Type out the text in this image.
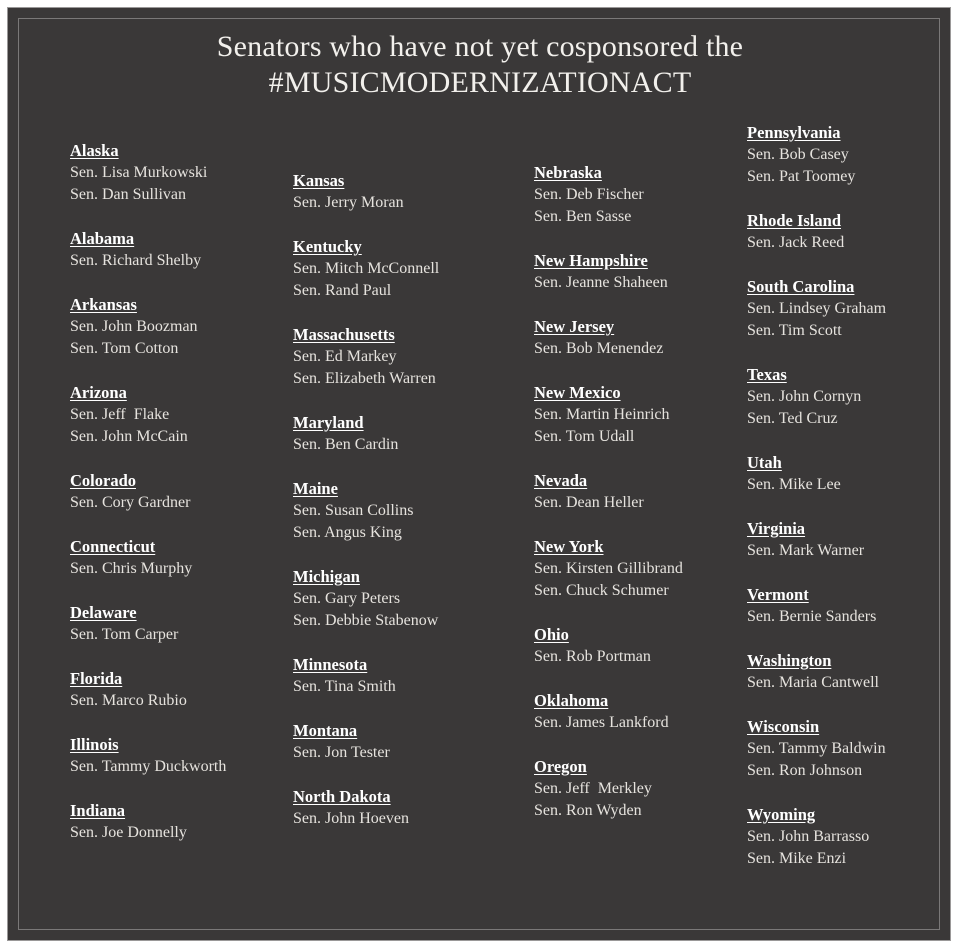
Senators who have not yet cosponsored the
#MUSICMODERNIZATIONACT
Alaska
Sen. Lisa Murkowski
Sen. Dan Sullivan
Alabama
Sen. Richard Shelby
Arkansas
Sen. John Boozman
Sen. Tom Cotton
Arizona
Sen. Jeff  Flake
Sen. John McCain
Colorado
Sen. Cory Gardner
Connecticut
Sen. Chris Murphy
Delaware
Sen. Tom Carper
Florida
Sen. Marco Rubio
Illinois
Sen. Tammy Duckworth
Indiana
Sen. Joe Donnelly
Kansas
Sen. Jerry Moran
Kentucky
Sen. Mitch McConnell
Sen. Rand Paul
Massachusetts
Sen. Ed Markey
Sen. Elizabeth Warren
Maryland
Sen. Ben Cardin
Maine
Sen. Susan Collins
Sen. Angus King
Michigan
Sen. Gary Peters
Sen. Debbie Stabenow
Minnesota
Sen. Tina Smith
Montana
Sen. Jon Tester
North Dakota
Sen. John Hoeven
Nebraska
Sen. Deb Fischer
Sen. Ben Sasse
New Hampshire
Sen. Jeanne Shaheen
New Jersey
Sen. Bob Menendez
New Mexico
Sen. Martin Heinrich
Sen. Tom Udall
Nevada
Sen. Dean Heller
New York
Sen. Kirsten Gillibrand
Sen. Chuck Schumer
Ohio
Sen. Rob Portman
Oklahoma
Sen. James Lankford
Oregon
Sen. Jeff  Merkley
Sen. Ron Wyden
Pennsylvania
Sen. Bob Casey
Sen. Pat Toomey
Rhode Island
Sen. Jack Reed
South Carolina
Sen. Lindsey Graham
Sen. Tim Scott
Texas
Sen. John Cornyn
Sen. Ted Cruz
Utah
Sen. Mike Lee
Virginia
Sen. Mark Warner
Vermont
Sen. Bernie Sanders
Washington
Sen. Maria Cantwell
Wisconsin
Sen. Tammy Baldwin
Sen. Ron Johnson
Wyoming
Sen. John Barrasso
Sen. Mike Enzi
